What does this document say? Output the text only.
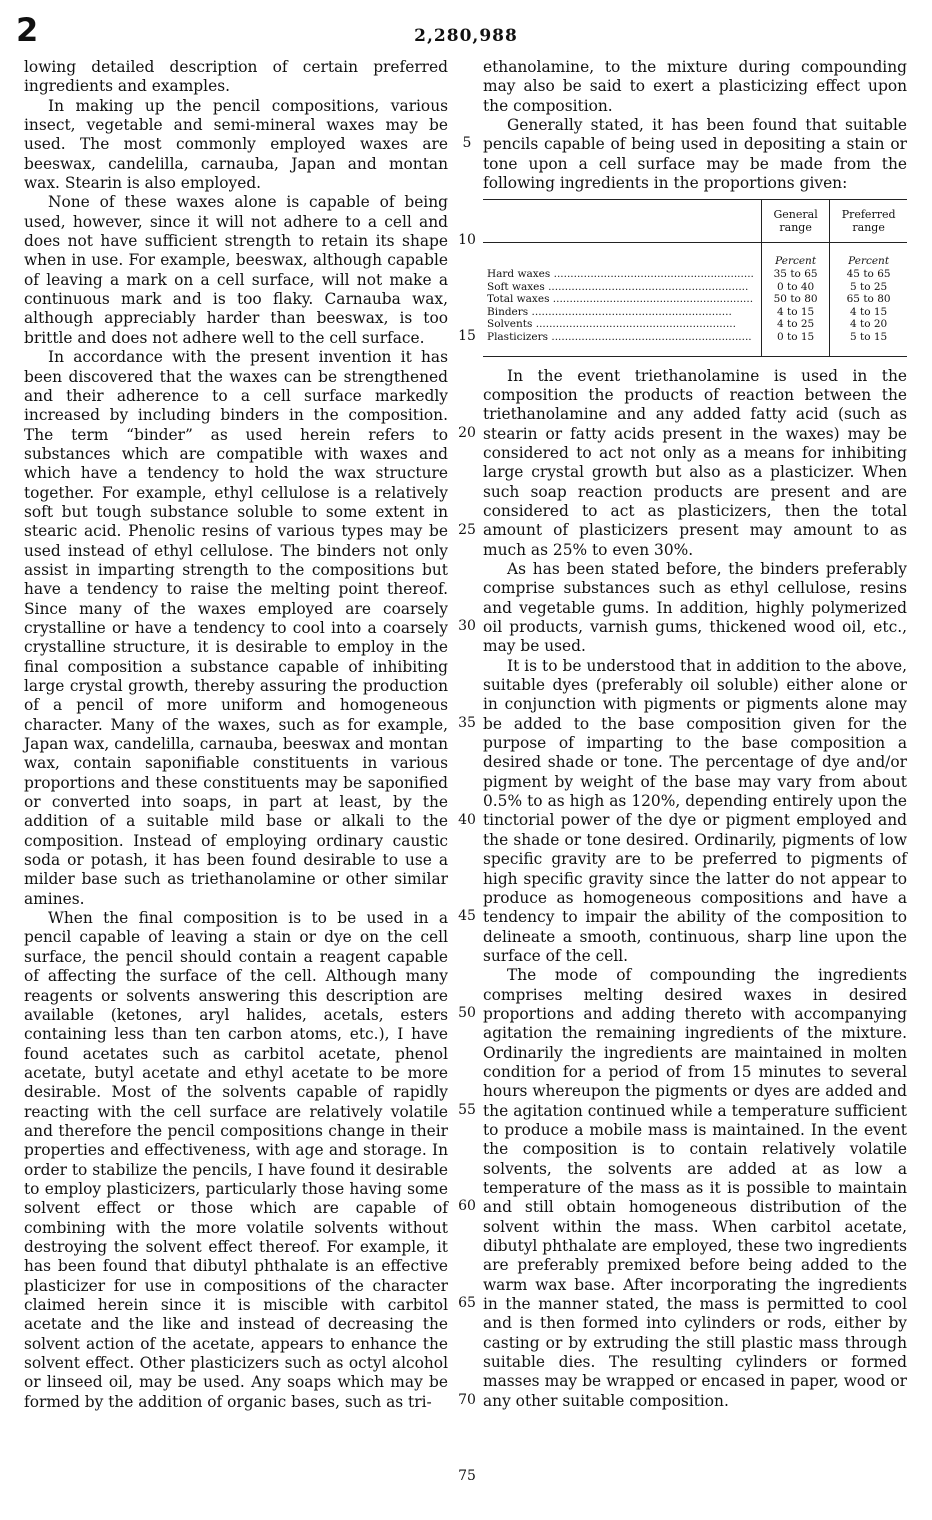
2	2,280,988

lowing detailed description of certain preferred ingredients and examples.

In making up the pencil compositions, various insect, vegetable and semi-mineral waxes may be used. The most commonly employed waxes are beeswax, candelilla, carnauba, Japan and montan wax. Stearin is also employed.

None of these waxes alone is capable of being used, however, since it will not adhere to a cell and does not have sufficient strength to retain its shape when in use. For example, beeswax, although capable of leaving a mark on a cell surface, will not make a continuous mark and is too flaky. Carnauba wax, although appreciably harder than beeswax, is too brittle and does not adhere well to the cell surface.

In accordance with the present invention it has been discovered that the waxes can be strengthened and their adherence to a cell surface markedly increased by including binders in the composition. The term “binder” as used herein refers to substances which are compatible with waxes and which have a tendency to hold the wax structure together. For example, ethyl cellulose is a relatively soft but tough substance soluble to some extent in stearic acid. Phenolic resins of various types may be used instead of ethyl cellulose. The binders not only assist in imparting strength to the compositions but have a tendency to raise the melting point thereof. Since many of the waxes employed are coarsely crystalline or have a tendency to cool into a coarsely crystalline structure, it is desirable to employ in the final composition a substance capable of inhibiting large crystal growth, thereby assuring the production of a pencil of more uniform and homogeneous character. Many of the waxes, such as for example, Japan wax, candelilla, carnauba, beeswax and montan wax, contain saponifiable constituents in various proportions and these constituents may be saponified or converted into soaps, in part at least, by the addition of a suitable mild base or alkali to the composition. Instead of employing ordinary caustic soda or potash, it has been found desirable to use a milder base such as triethanolamine or other similar amines.

When the final composition is to be used in a pencil capable of leaving a stain or dye on the cell surface, the pencil should contain a reagent capable of affecting the surface of the cell. Although many reagents or solvents answering this description are available (ketones, aryl halides, acetals, esters containing less than ten carbon atoms, etc.), I have found acetates such as carbitol acetate, phenol acetate, butyl acetate and ethyl acetate to be more desirable. Most of the solvents capable of rapidly reacting with the cell surface are relatively volatile and therefore the pencil compositions change in their properties and effectiveness, with age and storage. In order to stabilize the pencils, I have found it desirable to employ plasticizers, particularly those having some solvent effect or those which are capable of combining with the more volatile solvents without destroying the solvent effect thereof. For example, it has been found that dibutyl phthalate is an effective plasticizer for use in compositions of the character claimed herein since it is miscible with carbitol acetate and the like and instead of decreasing the solvent action of the acetate, appears to enhance the solvent effect. Other plasticizers such as octyl alcohol or linseed oil, may be used. Any soaps which may be formed by the addition of organic bases, such as tri-

5
10
15
20
25
30
35
40
45
50
55
60
65
70
75

ethanolamine, to the mixture during compounding may also be said to exert a plasticizing effect upon the composition.

Generally stated, it has been found that suitable pencils capable of being used in depositing a stain or tone upon a cell surface may be made from the following ingredients in the proportions given:

	General range	Preferred range
	Percent	Percent
Hard waxes ............................................................	35 to 65	45 to 65
Soft waxes ............................................................	0 to 40	5 to 25
Total waxes ............................................................	50 to 80	65 to 80
Binders ............................................................	4 to 15	4 to 15
Solvents ............................................................	4 to 25	4 to 20
Plasticizers ............................................................	0 to 15	5 to 15

In the event triethanolamine is used in the composition the products of reaction between the triethanolamine and any added fatty acid (such as stearin or fatty acids present in the waxes) may be considered to act not only as a means for inhibiting large crystal growth but also as a plasticizer. When such soap reaction products are present and are considered to act as plasticizers, then the total amount of plasticizers present may amount to as much as 25% to even 30%.

As has been stated before, the binders preferably comprise substances such as ethyl cellulose, resins and vegetable gums. In addition, highly polymerized oil products, varnish gums, thickened wood oil, etc., may be used.

It is to be understood that in addition to the above, suitable dyes (preferably oil soluble) either alone or in conjunction with pigments or pigments alone may be added to the base composition given for the purpose of imparting to the base composition a desired shade or tone. The percentage of dye and/or pigment by weight of the base may vary from about 0.5% to as high as 120%, depending entirely upon the tinctorial power of the dye or pigment employed and the shade or tone desired. Ordinarily, pigments of low specific gravity are to be preferred to pigments of high specific gravity since the latter do not appear to produce as homogeneous compositions and have a tendency to impair the ability of the composition to delineate a smooth, continuous, sharp line upon the surface of the cell.

The mode of compounding the ingredients comprises melting desired waxes in desired proportions and adding thereto with accompanying agitation the remaining ingredients of the mixture. Ordinarily the ingredients are maintained in molten condition for a period of from 15 minutes to several hours whereupon the pigments or dyes are added and the agitation continued while a temperature sufficient to produce a mobile mass is maintained. In the event the composition is to contain relatively volatile solvents, the solvents are added at as low a temperature of the mass as it is possible to maintain and still obtain homogeneous distribution of the solvent within the mass. When carbitol acetate, dibutyl phthalate are employed, these two ingredients are preferably premixed before being added to the warm wax base. After incorporating the ingredients in the manner stated, the mass is permitted to cool and is then formed into cylinders or rods, either by casting or by extruding the still plastic mass through suitable dies. The resulting cylinders or formed masses may be wrapped or encased in paper, wood or any other suitable composition.
